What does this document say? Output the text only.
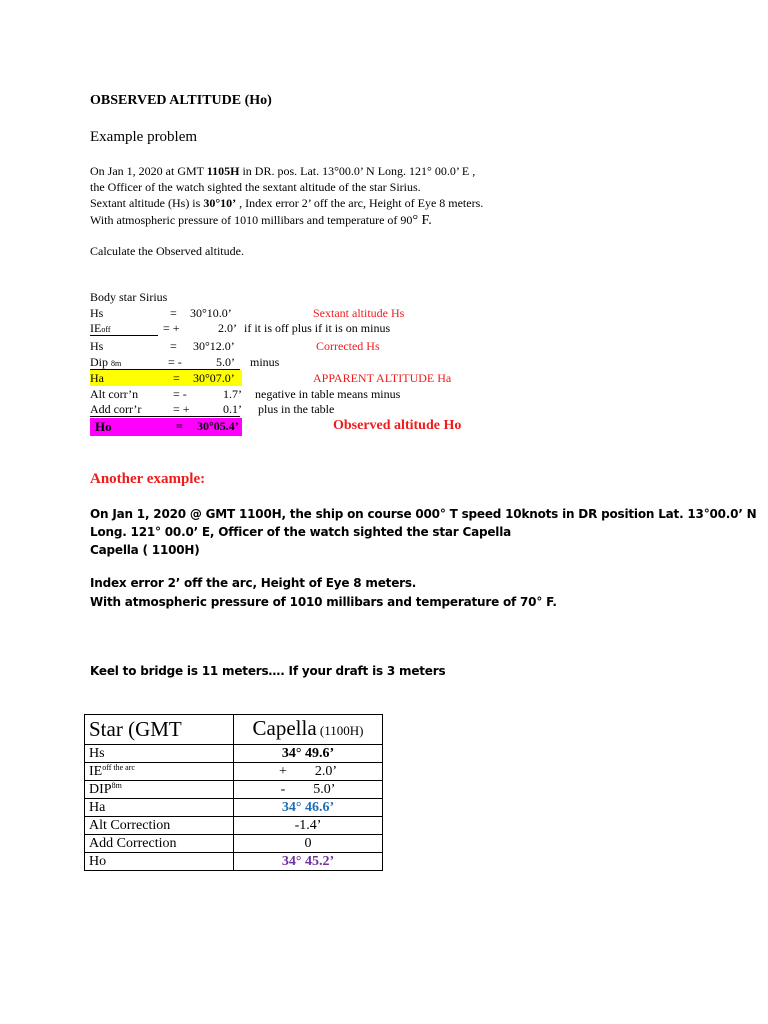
OBSERVED ALTITUDE (Ho)
Example problem
On Jan 1, 2020 at GMT 1105H in DR. pos. Lat. 13°00.0’ N Long. 121° 00.0’ E ,
the Officer of the watch sighted the sextant altitude of the star Sirius.
Sextant altitude (Hs) is 30°10’ , Index error 2’ off the arc, Height of Eye 8 meters.
With atmospheric pressure of 1010 millibars and temperature of 90° F.
Calculate the Observed altitude.
Body star Sirius
Hs	= 30°10.0’	Sextant altitude Hs
IEoff	= +	2.0’ if it is off plus if it is on minus
Hs	= 30°12.0’	Corrected Hs
Dip 8m	= -	5.0’ minus
Ha	= 30°07.0’	APPARENT ALTITUDE Ha
Alt corr’n	= -	1.7’ negative in table means minus
Add corr’r	= +	0.1’ plus in the table
Ho	= 30°05.4’	Observed altitude Ho
Another example:
On Jan 1, 2020 @ GMT 1100H, the ship on course 000° T speed 10knots in DR position Lat. 13°00.0’ N
Long. 121° 00.0’ E, Officer of the watch sighted the star Capella
Capella ( 1100H)
Index error 2’ off the arc, Height of Eye 8 meters.
With atmospheric pressure of 1010 millibars and temperature of 70° F.
Keel to bridge is 11 meters…. If your draft is 3 meters
Star (GMT	Capella (1100H)
Hs	34° 49.6’
$IE^{off the arc}$	+        2.0’
$DIP^{8m}$	-        5.0’
Ha	34° 46.6’
Alt Correction	-1.4’
Add Correction	0
Ho	34° 45.2’
